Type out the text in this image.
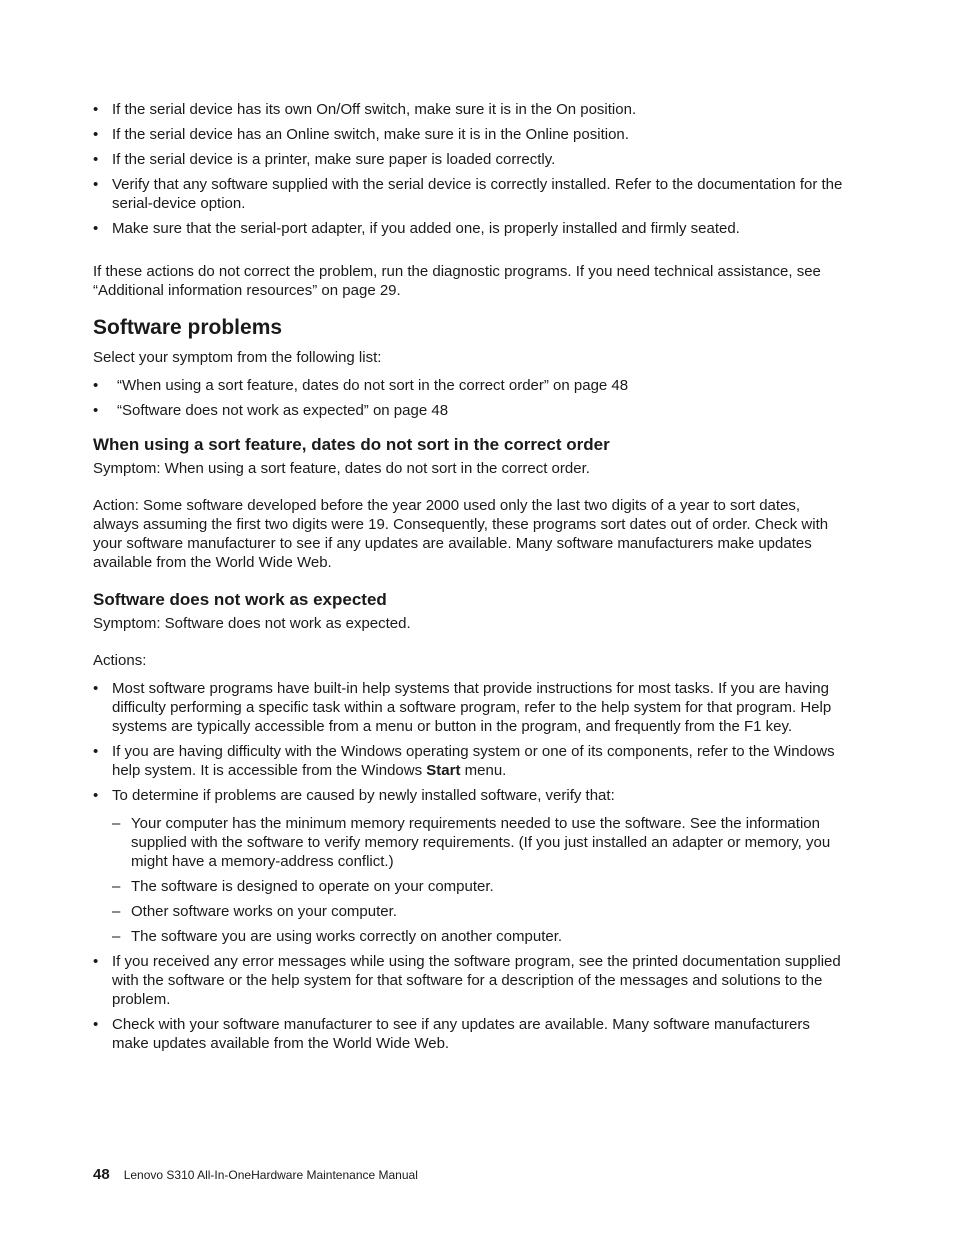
• If the serial device has its own On/Off switch, make sure it is in the On position.
• If the serial device has an Online switch, make sure it is in the Online position.
• If the serial device is a printer, make sure paper is loaded correctly.
• Verify that any software supplied with the serial device is correctly installed. Refer to the documentation for the serial-device option.
• Make sure that the serial-port adapter, if you added one, is properly installed and firmly seated.

If these actions do not correct the problem, run the diagnostic programs. If you need technical assistance, see “Additional information resources” on page 29.

Software problems

Select your symptom from the following list:

• “When using a sort feature, dates do not sort in the correct order” on page 48
• “Software does not work as expected” on page 48
When using a sort feature, dates do not sort in the correct order

Symptom: When using a sort feature, dates do not sort in the correct order.

Action: Some software developed before the year 2000 used only the last two digits of a year to sort dates, always assuming the first two digits were 19. Consequently, these programs sort dates out of order. Check with your software manufacturer to see if any updates are available. Many software manufacturers make updates available from the World Wide Web.

Software does not work as expected

Symptom: Software does not work as expected.

Actions:

• Most software programs have built-in help systems that provide instructions for most tasks. If you are having difficulty performing a specific task within a software program, refer to the help system for that program. Help systems are typically accessible from a menu or button in the program, and frequently from the F1 key.
• If you are having difficulty with the Windows operating system or one of its components, refer to the Windows help system. It is accessible from the Windows Start menu.
• To determine if problems are caused by newly installed software, verify that:
– Your computer has the minimum memory requirements needed to use the software. See the information supplied with the software to verify memory requirements. (If you just installed an adapter or memory, you might have a memory-address conflict.)
– The software is designed to operate on your computer.
– Other software works on your computer.
– The software you are using works correctly on another computer.
• If you received any error messages while using the software program, see the printed documentation supplied with the software or the help system for that software for a description of the messages and solutions to the problem.
• Check with your software manufacturer to see if any updates are available. Many software manufacturers make updates available from the World Wide Web.
48 Lenovo S310 All-In-OneHardware Maintenance Manual
